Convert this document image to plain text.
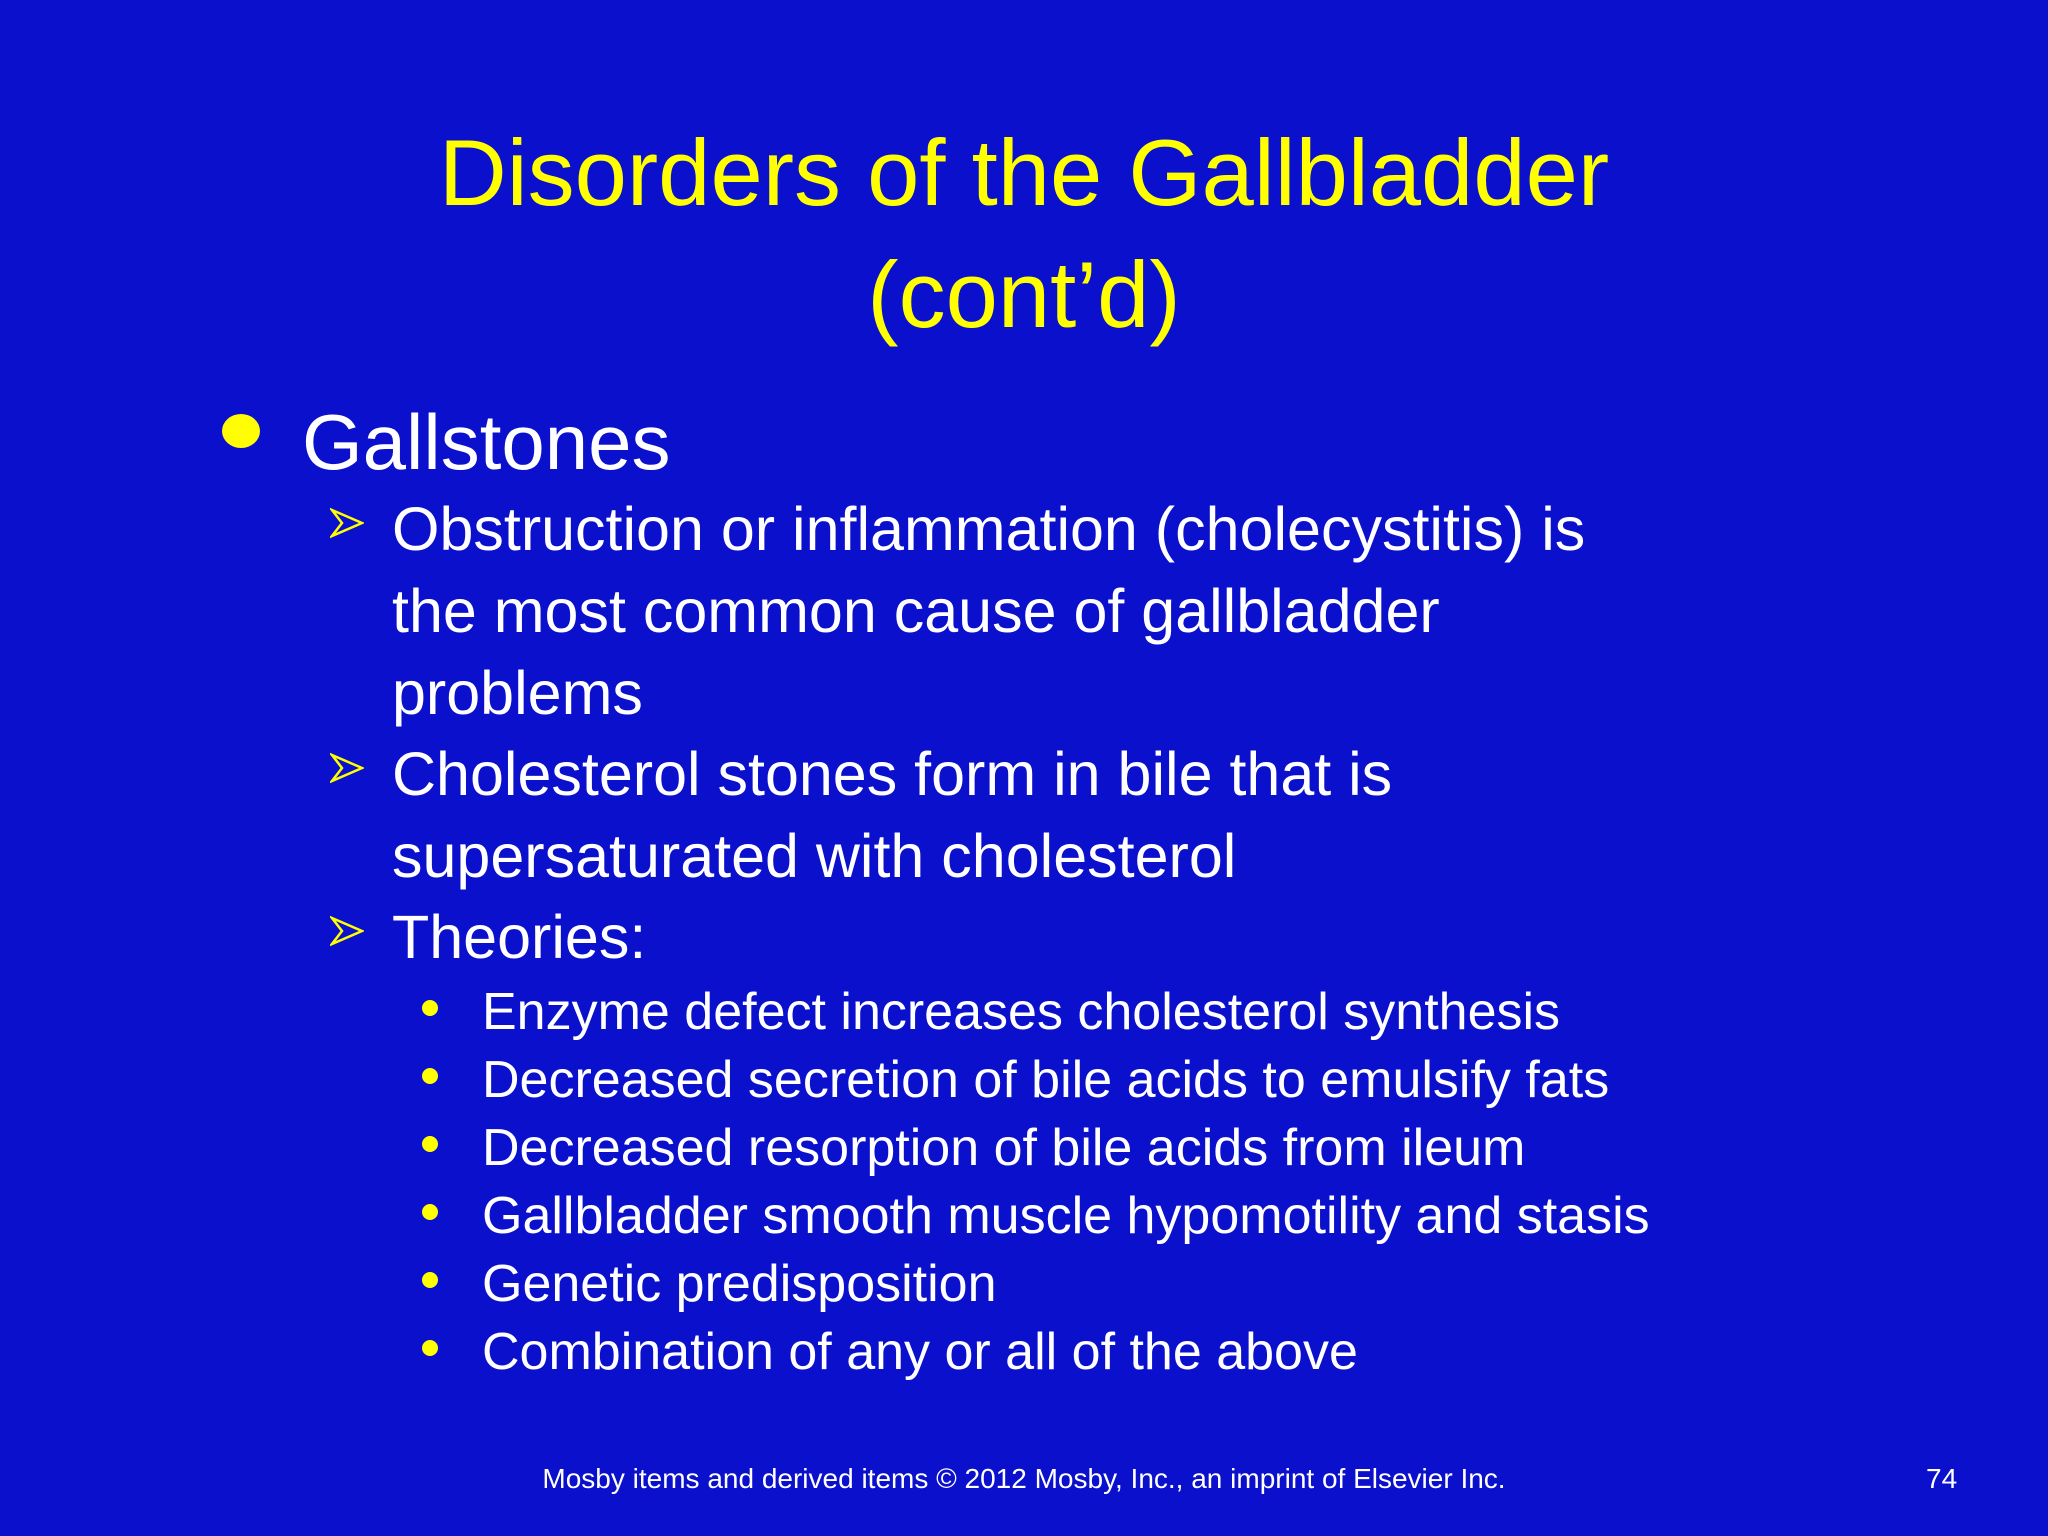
Disorders of the Gallbladder
(cont’d)
Gallstones
Obstruction or inflammation (cholecystitis) is
the most common cause of gallbladder
problems
Cholesterol stones form in bile that is
supersaturated with cholesterol
Theories:
Enzyme defect increases cholesterol synthesis
Decreased secretion of bile acids to emulsify fats
Decreased resorption of bile acids from ileum
Gallbladder smooth muscle hypomotility and stasis
Genetic predisposition
Combination of any or all of the above
Mosby items and derived items © 2012 Mosby, Inc., an imprint of Elsevier Inc.	74
